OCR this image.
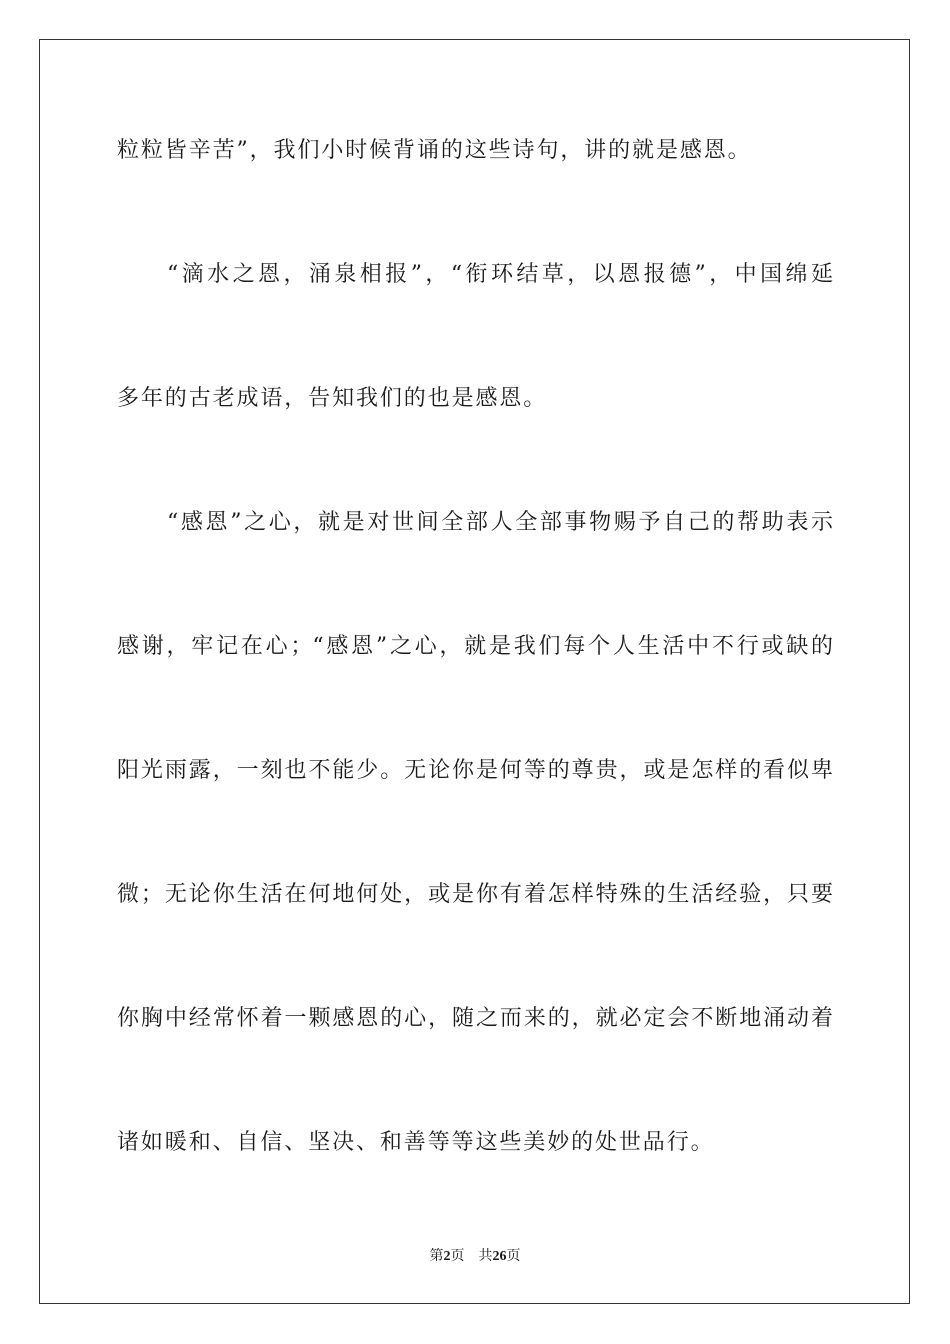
粒粒皆辛苦”，我们小时候背诵的这些诗句，讲的就是感恩。
“滴水之恩，涌泉相报”，“衔环结草，以恩报德”，中国绵延
多年的古老成语，告知我们的也是感恩。
“感恩”之心，就是对世间全部人全部事物赐予自己的帮助表示
感谢，牢记在心；“感恩”之心，就是我们每个人生活中不行或缺的
阳光雨露，一刻也不能少。无论你是何等的尊贵，或是怎样的看似卑
微；无论你生活在何地何处，或是你有着怎样特殊的生活经验，只要
你胸中经常怀着一颗感恩的心，随之而来的，就必定会不断地涌动着
诸如暖和、自信、坚决、和善等等这些美妙的处世品行。
第2页 共26页
